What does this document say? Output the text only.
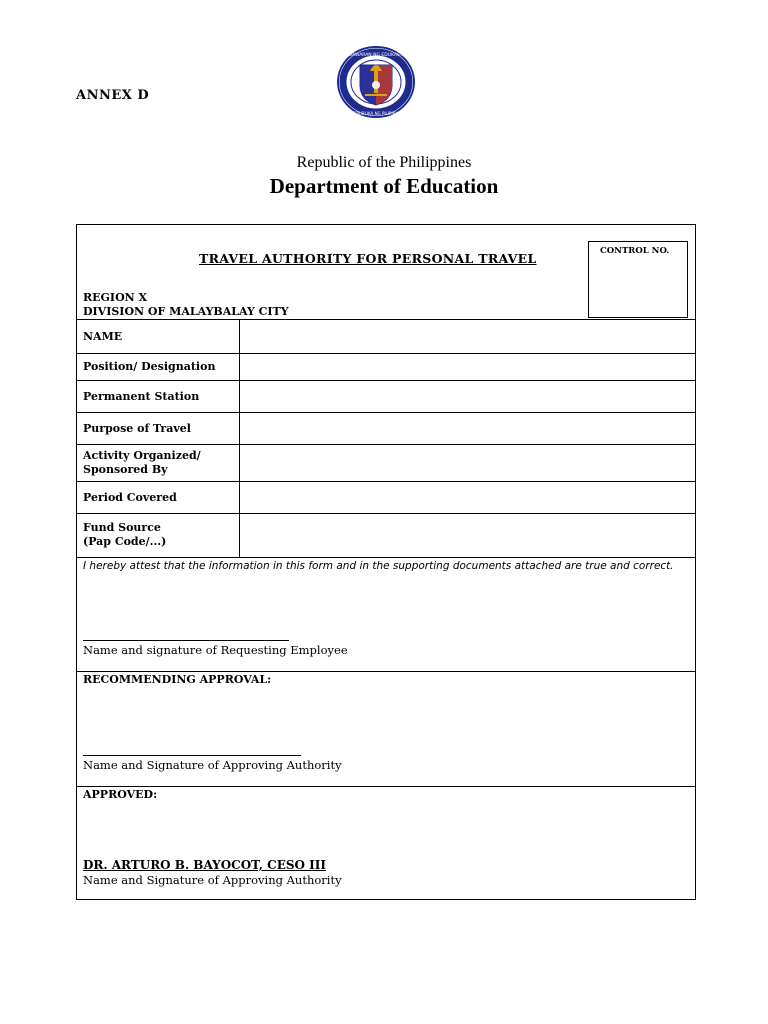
ANNEX D
KAGAWARAN NG EDUKASYON
REPUBLIKA NG PILIPINAS
Republic of the Philippines
Department of Education
TRAVEL AUTHORITY FOR PERSONAL TRAVEL	CONTROL NO.
REGION X
DIVISION OF MALAYBALAY CITY
NAME
Position/ Designation
Permanent Station
Purpose of Travel
Activity Organized/
Sponsored By
Period Covered
Fund Source
(Pap Code/...)
I hereby attest that the information in this form and in the supporting documents attached are true and correct.
Name and signature of Requesting Employee
RECOMMENDING APPROVAL:
Name and Signature of Approving Authority
APPROVED:
DR. ARTURO B. BAYOCOT, CESO III
Name and Signature of Approving Authority
